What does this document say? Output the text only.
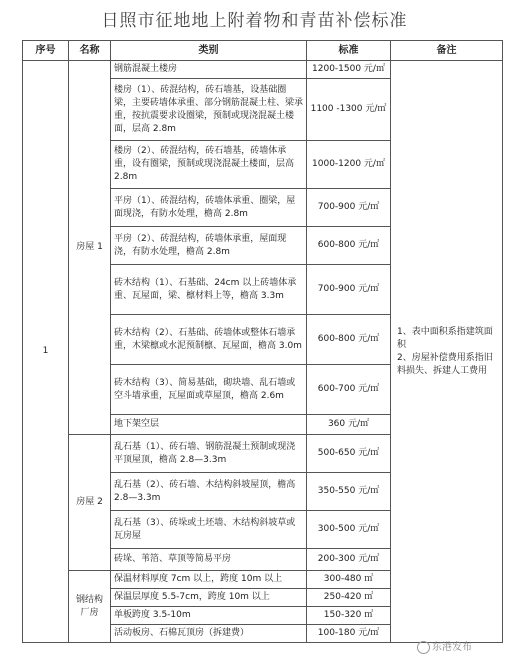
日照市征地地上附着物和青苗补偿标准
序号	名称	类别	标准	备注
1	房屋 1	钢筋混凝土楼房	1200-1500 元/㎡	1、表中面积系指建筑面积
2、房屋补偿费用系指旧料损失、拆建人工费用
		楼房（1）、砖混结构，砖石墙基，设基础圈梁，主要砖墙体承重、部分钢筋混凝土柱、梁承重，按抗震要求设圈梁，预制或现浇混凝土楼面，层高 2.8m	1100 -1300 元/㎡	
		楼房（2）、砖混结构，砖石墙基，砖墙体承重，设有圈梁，预制或现浇混凝土楼面，层高 2.8m	1000-1200 元/㎡	
		平房（1）、砖混结构，砖墙体承重、圈梁，屋面现浇，有防水处理，檐高 2.8m	700-900 元/㎡	
		平房（2）、砖混结构，砖墙体承重，屋面现浇，有防水处理，檐高 2.8m	600-800 元/㎡	
		砖木结构（1）、石基础、24cm 以上砖墙体承重、瓦屋面，梁、檩材料上等，檐高 3.3m	700-900 元/㎡	
		砖木结构（2）、石基础、砖墙体或整体石墙承重，木梁檩或水泥预制檩、瓦屋面，檐高 3.0m	600-800 元/㎡	
		砖木结构（3）、简易基础，砌块墙、乱石墙或空斗墙承重，瓦屋面或草屋顶，檐高 2.6m	600-700 元/㎡	
		地下架空层	360 元/㎡	
	房屋 2	乱石基（1）、砖石墙、钢筋混凝土预制或现浇平顶屋顶，檐高 2.8—3.3m	500-650 元/㎡	
		乱石基（2）、砖石墙、木结构斜坡屋顶，檐高 2.8—3.3m	350-550 元/㎡	
		乱石基（3）、砖垛或土坯墙、木结构斜坡草或瓦房屋	300-500 元/㎡	
		砖垛、苇箔、草顶等简易平房	200-300 元/㎡	
	钢结构厂房	保温材料厚度 7cm 以上，跨度 10m 以上	300-480 ㎡	
		保温层厚度 5.5-7cm，跨度 10m 以上	250-420 ㎡	
		单板跨度 3.5-10m	150-320 ㎡	
		活动板房、石棉瓦顶房（拆建费）	100-180 元/㎡	
东港发布
